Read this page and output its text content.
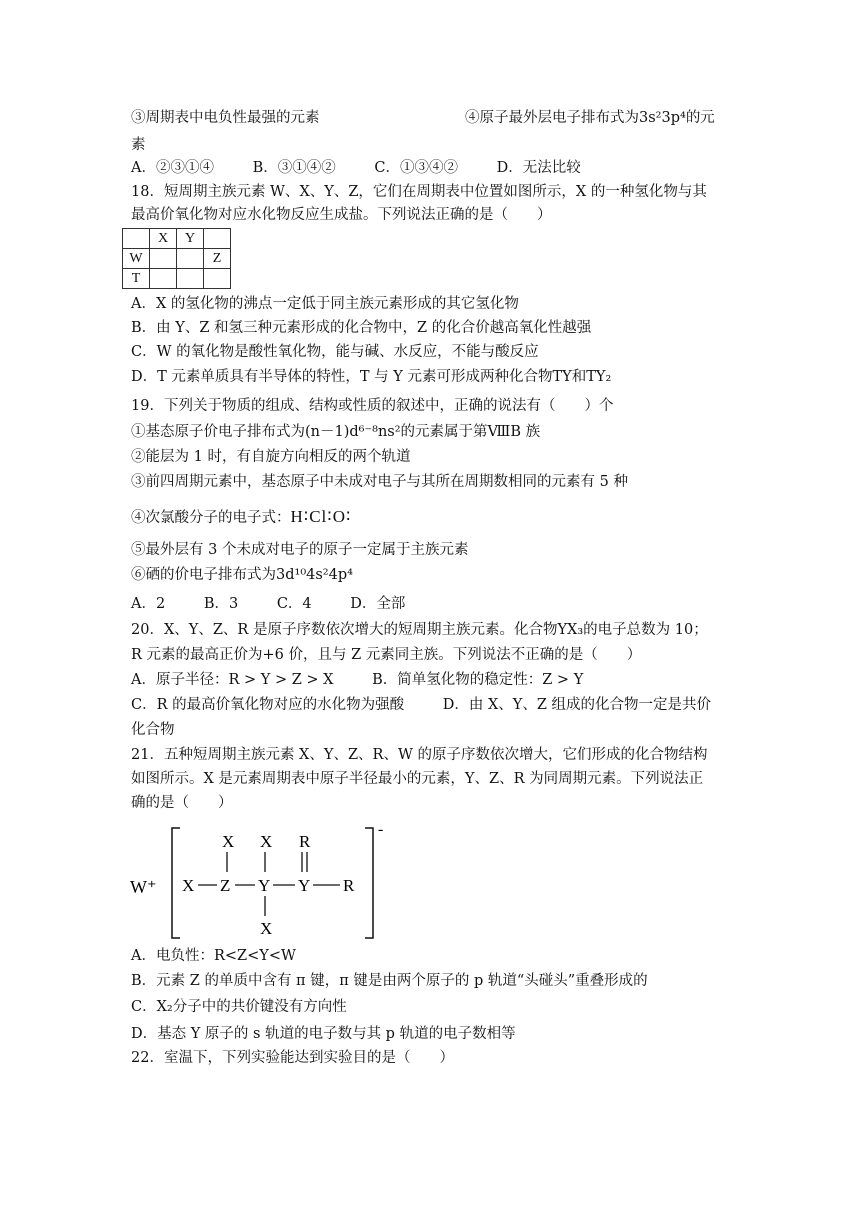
③周期表中电负性最强的元素	④原子最外层电子排布式为3s²3p⁴的元
素
A．②③①④	B．③①④②	C．①③④②	D．无法比较
18．短周期主族元素 W、X、Y、Z，它们在周期表中位置如图所示，X 的一种氢化物与其
最高价氧化物对应水化物反应生成盐。下列说法正确的是（　　）
	X	Y	
W			Z
T			
A．X 的氢化物的沸点一定低于同主族元素形成的其它氢化物
B．由 Y、Z 和氢三种元素形成的化合物中，Z 的化合价越高氧化性越强
C．W 的氧化物是酸性氧化物，能与碱、水反应，不能与酸反应
D．T 元素单质具有半导体的特性，T 与 Y 元素可形成两种化合物TY和TY₂
19．下列关于物质的组成、结构或性质的叙述中，正确的说法有（　　）个
①基态原子价电子排布式为(n－1)d⁶⁻⁸ns²的元素属于第ⅧB 族
②能层为 1 时，有自旋方向相反的两个轨道
③前四周期元素中，基态原子中未成对电子与其所在周期数相同的元素有 5 种
④次氯酸分子的电子式：H∶Cl∶O∶
⑤最外层有 3 个未成对电子的原子一定属于主族元素
⑥硒的价电子排布式为3d¹⁰4s²4p⁴
A．2	B．3	C．4	D．全部
20．X、Y、Z、R 是原子序数依次增大的短周期主族元素。化合物YX₃的电子总数为 10；
R 元素的最高正价为+6 价，且与 Z 元素同主族。下列说法不正确的是（　　）
A．原子半径：R > Y > Z > X	B．简单氢化物的稳定性：Z > Y
C．R 的最高价氧化物对应的水化物为强酸	D．由 X、Y、Z 组成的化合物一定是共价
化合物
21．五种短周期主族元素 X、Y、Z、R、W 的原子序数依次增大，它们形成的化合物结构
如图所示。X 是元素周期表中原子半径最小的元素，Y、Z、R 为同周期元素。下列说法正
确的是（　　）
W⁺
-
X Z Y Y R
X X R
X
A．电负性：R<Z<Y<W
B．元素 Z 的单质中含有 π 键，π 键是由两个原子的 p 轨道“头碰头”重叠形成的
C．X₂分子中的共价键没有方向性
D．基态 Y 原子的 s 轨道的电子数与其 p 轨道的电子数相等
22．室温下，下列实验能达到实验目的是（　　）
